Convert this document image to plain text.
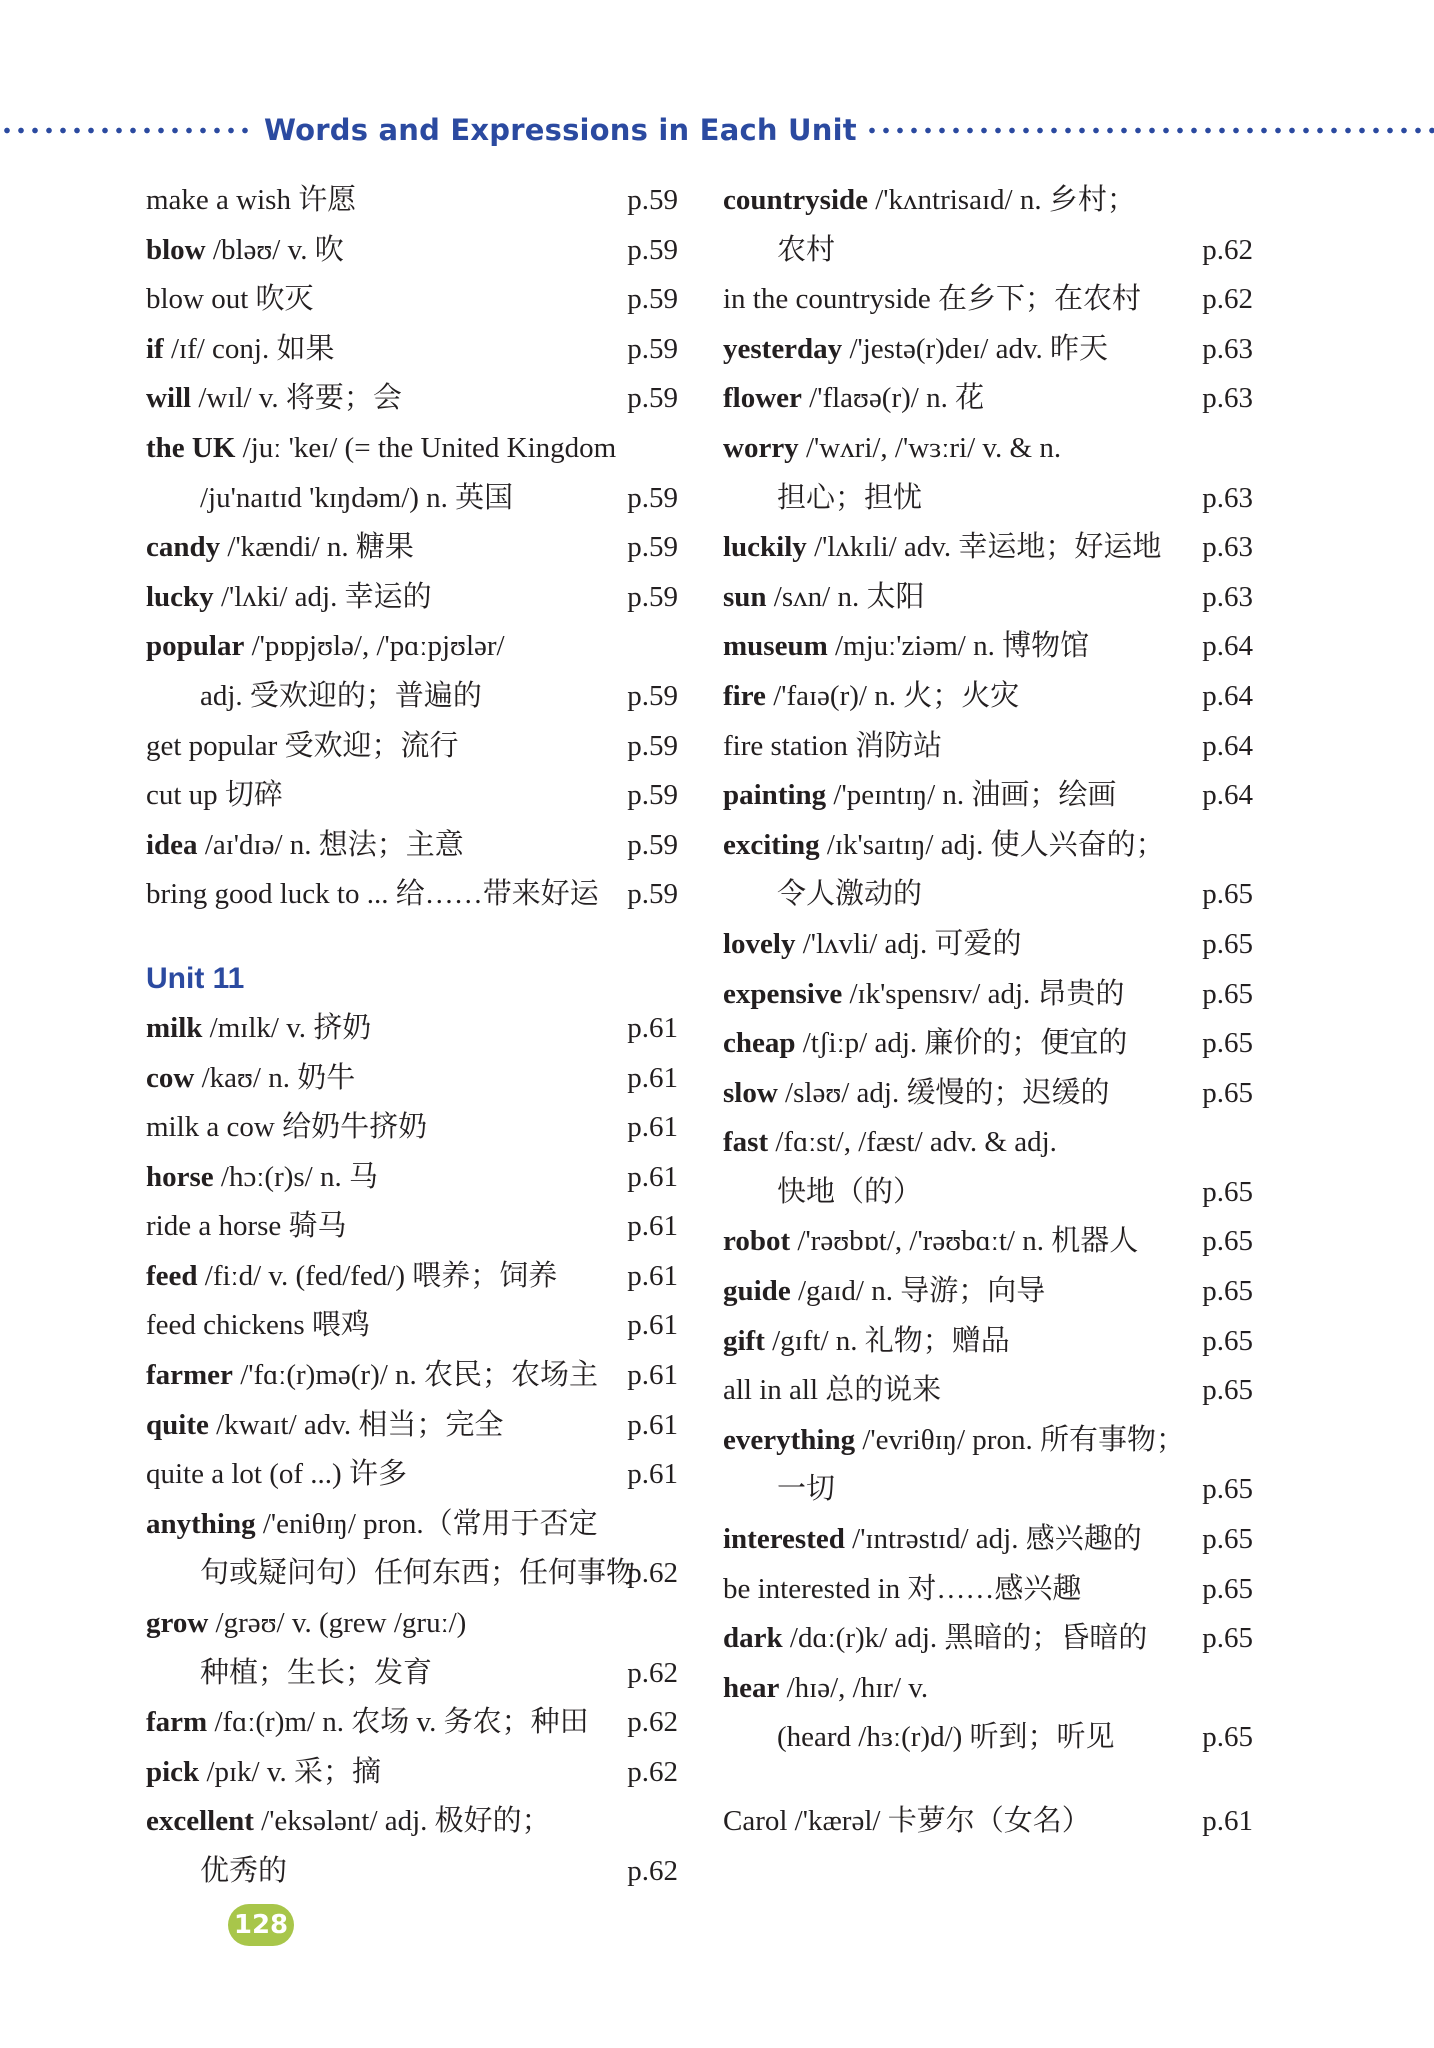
Words and Expressions in Each Unit
make a wish 许愿	p.59
blow /bləʊ/ v. 吹	p.59
blow out 吹灭	p.59
if /ɪf/ conj. 如果	p.59
will /wɪl/ v. 将要；会	p.59
the UK /juː 'keɪ/ (= the United Kingdom
/ju'naɪtɪd 'kɪŋdəm/) n. 英国	p.59
candy /'kændi/ n. 糖果	p.59
lucky /'lʌki/ adj. 幸运的	p.59
popular /'pɒpjʊlə/, /'pɑːpjʊlər/
adj. 受欢迎的；普遍的	p.59
get popular 受欢迎；流行	p.59
cut up 切碎	p.59
idea /aɪ'dɪə/ n. 想法；主意	p.59
bring good luck to ... 给……带来好运 p.59
Unit 11
milk /mɪlk/ v. 挤奶	p.61
cow /kaʊ/ n. 奶牛	p.61
milk a cow 给奶牛挤奶	p.61
horse /hɔː(r)s/ n. 马	p.61
ride a horse 骑马	p.61
feed /fiːd/ v. (fed/fed/) 喂养；饲养 p.61
feed chickens 喂鸡	p.61
farmer /'fɑː(r)mə(r)/ n. 农民；农场主 p.61
quite /kwaɪt/ adv. 相当；完全	p.61
quite a lot (of ...) 许多	p.61
anything /'eniθɪŋ/ pron.（常用于否定
句或疑问句）任何东西；任何事物
p.62
grow /grəʊ/ v. (grew /gruː/)
种植；生长；发育	p.62
farm /fɑː(r)m/ n. 农场 v. 务农；种田 p.62
pick /pɪk/ v. 采；摘	p.62
excellent /'eksələnt/ adj. 极好的；
优秀的	p.62
countryside /'kʌntrisaɪd/ n. 乡村；
农村	p.62
in the countryside 在乡下；在农村 p.62
yesterday /'jestə(r)deɪ/ adv. 昨天	p.63
flower /'flaʊə(r)/ n. 花	p.63
worry /'wʌri/, /'wɜːri/ v. & n.
担心；担忧	p.63
luckily /'lʌkɪli/ adv. 幸运地；好运地 p.63
sun /sʌn/ n. 太阳	p.63
museum /mjuː'ziəm/ n. 博物馆	p.64
fire /'faɪə(r)/ n. 火；火灾	p.64
fire station 消防站	p.64
painting /'peɪntɪŋ/ n. 油画；绘画	p.64
exciting /ɪk'saɪtɪŋ/ adj. 使人兴奋的；
令人激动的	p.65
lovely /'lʌvli/ adj. 可爱的	p.65
expensive /ɪk'spensɪv/ adj. 昂贵的	p.65
cheap /tʃiːp/ adj. 廉价的；便宜的	p.65
slow /sləʊ/ adj. 缓慢的；迟缓的	p.65
fast /fɑːst/, /fæst/ adv. & adj.
快地（的）	p.65
robot /'rəʊbɒt/, /'rəʊbɑːt/ n. 机器人 p.65
guide /gaɪd/ n. 导游；向导	p.65
gift /gɪft/ n. 礼物；赠品	p.65
all in all 总的说来	p.65
everything /'evriθɪŋ/ pron. 所有事物；
一切	p.65
interested /'ɪntrəstɪd/ adj. 感兴趣的 p.65
be interested in 对……感兴趣	p.65
dark /dɑː(r)k/ adj. 黑暗的；昏暗的 p.65
hear /hɪə/, /hɪr/ v.
(heard /hɜː(r)d/) 听到；听见	p.65
Carol /'kærəl/ 卡萝尔（女名）	p.61
128
